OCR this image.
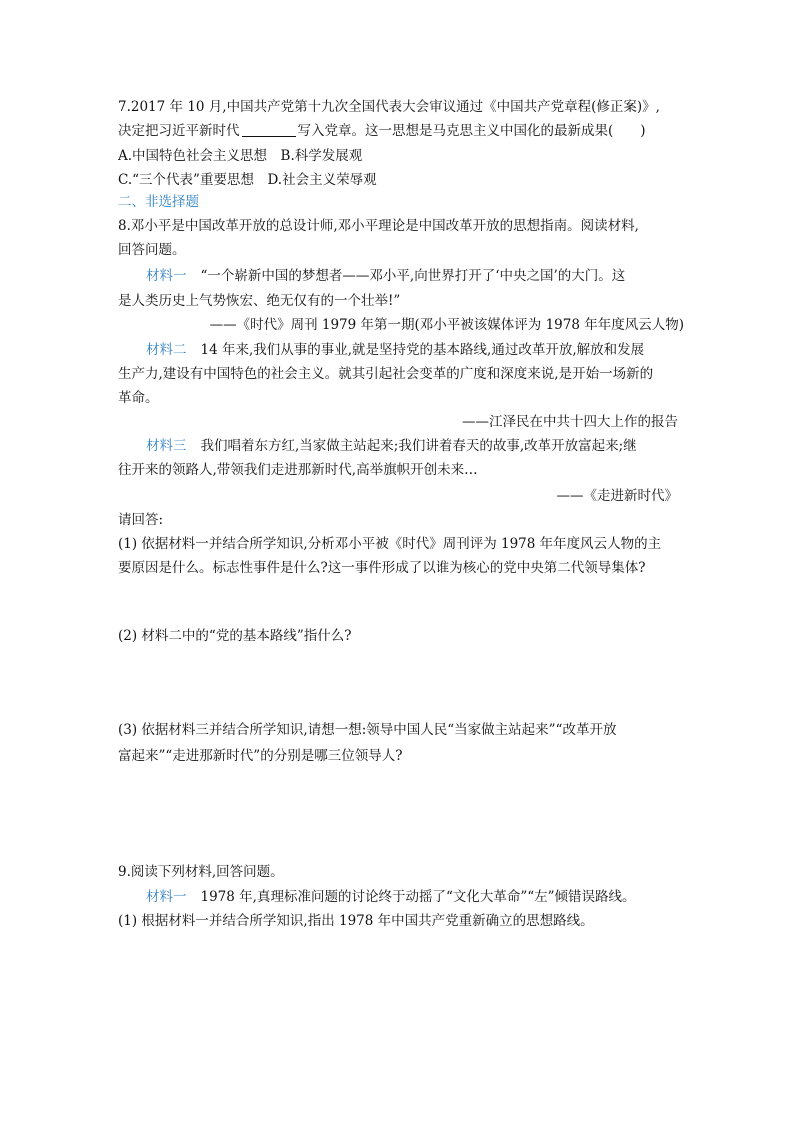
7.2017 年 10 月,中国共产党第十九次全国代表大会审议通过《中国共产党章程(修正案)》,
决定把习近平新时代	写入党章。这一思想是马克思主义中国化的最新成果(　　)
A.中国特色社会主义思想　B.科学发展观
C.“三个代表”重要思想　D.社会主义荣辱观
二、非选择题
8.邓小平是中国改革开放的总设计师,邓小平理论是中国改革开放的思想指南。阅读材料,
回答问题。
材料一 “一个崭新中国的梦想者——邓小平,向世界打开了‘中央之国’的大门。这
是人类历史上气势恢宏、绝无仅有的一个壮举!”
——《时代》周刊 1979 年第一期(邓小平被该媒体评为 1978 年年度风云人物)
材料二 14 年来,我们从事的事业,就是坚持党的基本路线,通过改革开放,解放和发展
生产力,建设有中国特色的社会主义。就其引起社会变革的广度和深度来说,是开始一场新的
革命。
——江泽民在中共十四大上作的报告
材料三 我们唱着东方红,当家做主站起来;我们讲着春天的故事,改革开放富起来;继
往开来的领路人,带领我们走进那新时代,高举旗帜开创未来…
——《走进新时代》
请回答:
(1) 依据材料一并结合所学知识,分析邓小平被《时代》周刊评为 1978 年年度风云人物的主
要原因是什么。标志性事件是什么?这一事件形成了以谁为核心的党中央第二代领导集体?
(2) 材料二中的“党的基本路线”指什么?
(3) 依据材料三并结合所学知识,请想一想:领导中国人民“当家做主站起来”“改革开放
富起来”“走进那新时代”的分别是哪三位领导人?
9.阅读下列材料,回答问题。
材料一 1978 年,真理标准问题的讨论终于动摇了“文化大革命”“左”倾错误路线。
(1) 根据材料一并结合所学知识,指出 1978 年中国共产党重新确立的思想路线。
